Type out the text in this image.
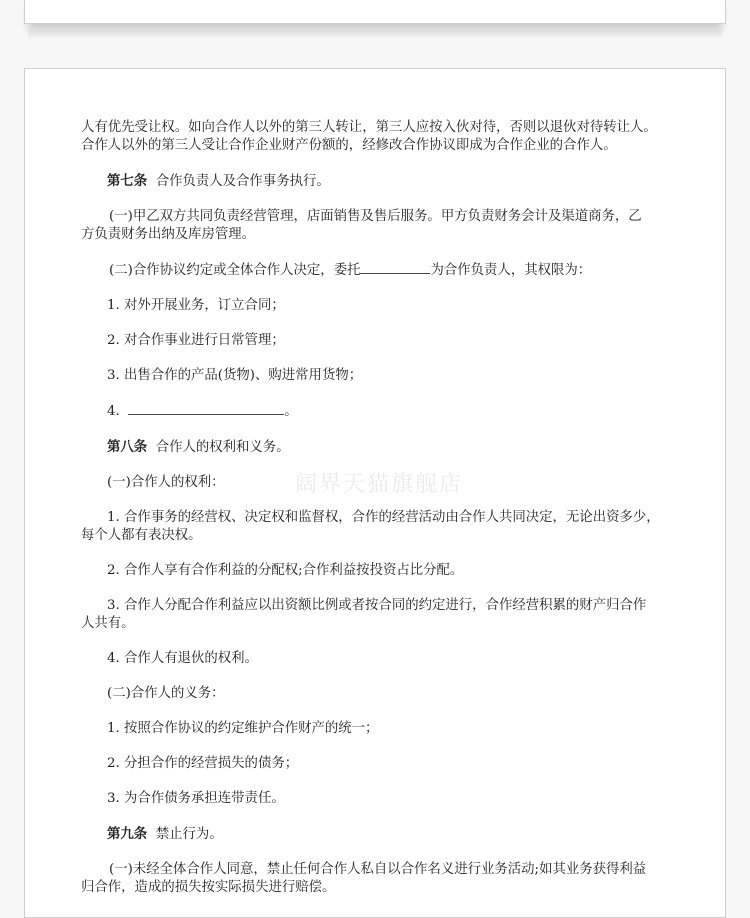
人有优先受让权。如向合作人以外的第三人转让，第三人应按入伙对待，否则以退伙对待转让人。

合作人以外的第三人受让合作企业财产份额的，经修改合作协议即成为合作企业的合作人。

第七条 合作负责人及合作事务执行。

(一)甲乙双方共同负责经营管理，店面销售及售后服务。甲方负责财务会计及渠道商务，乙

方负责财务出纳及库房管理。

(二)合作协议约定或全体合作人决定，委托	为合作负责人，其权限为：

1. 对外开展业务，订立合同；

2. 对合作事业进行日常管理；

3. 出售合作的产品(货物)、购进常用货物；

4.	。

第八条 合作人的权利和义务。

(一)合作人的权利：

1. 合作事务的经营权、决定权和监督权，合作的经营活动由合作人共同决定，无论出资多少，

每个人都有表决权。

2. 合作人享有合作利益的分配权;合作利益按投资占比分配。

3. 合作人分配合作利益应以出资额比例或者按合同的约定进行，合作经营积累的财产归合作

人共有。

4. 合作人有退伙的权利。

(二)合作人的义务：

1. 按照合作协议的约定维护合作财产的统一；

2. 分担合作的经营损失的债务；

3. 为合作债务承担连带责任。

第九条 禁止行为。

(一)未经全体合作人同意，禁止任何合作人私自以合作名义进行业务活动;如其业务获得利益

归合作，造成的损失按实际损失进行赔偿。

阔界天猫旗舰店
